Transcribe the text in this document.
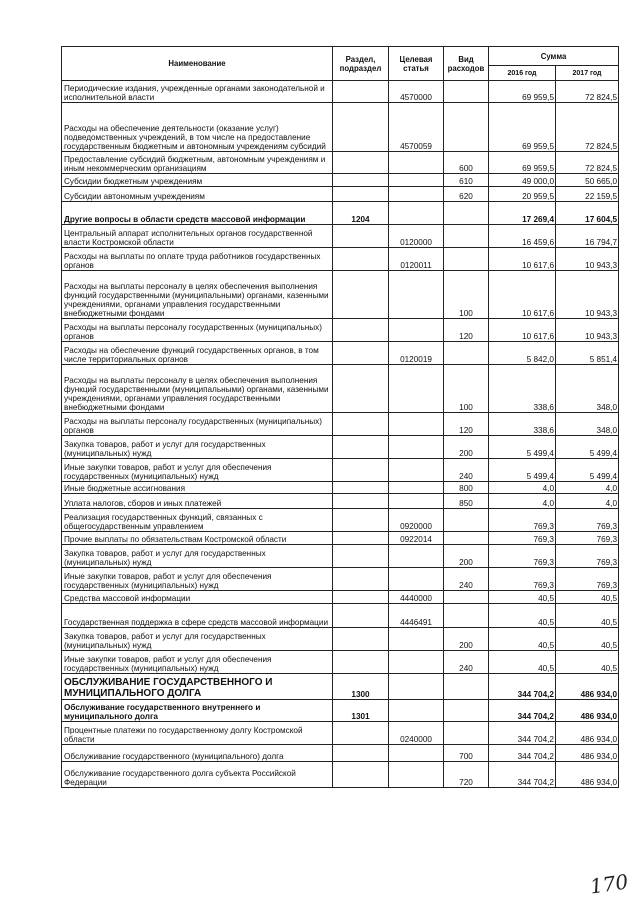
Наименование	Раздел, подраздел	Целевая статья	Вид расходов	Сумма	
				2016 год	2017 год
Периодические издания, учрежденные органами законодательной и исполнительной власти		4570000		69 959,5	72 824,5
Расходы на обеспечение деятельности (оказание услуг) подведомственных учреждений, в том числе на предоставление государственным бюджетным и автономным учреждениям субсидий		4570059		69 959,5	72 824,5
Предоставление субсидий бюджетным, автономным учреждениям и иным некоммерческим организациям			600	69 959,5	72 824,5
Субсидии бюджетным учреждениям			610	49 000,0	50 665,0
Субсидии автономным учреждениям			620	20 959,5	22 159,5
Другие вопросы в области средств массовой информации	1204			17 269,4	17 604,5
Центральный аппарат исполнительных органов государственной власти Костромской области		0120000		16 459,6	16 794,7
Расходы на выплаты по оплате труда работников государственных органов		0120011		10 617,6	10 943,3
Расходы на выплаты персоналу в целях обеспечения выполнения функций государственными (муниципальными) органами, казенными учреждениями, органами управления государственными внебюджетными фондами			100	10 617,6	10 943,3
Расходы на выплаты персоналу государственных (муниципальных) органов			120	10 617,6	10 943,3
Расходы на обеспечение функций государственных органов, в том числе территориальных органов		0120019		5 842,0	5 851,4
Расходы на выплаты персоналу в целях обеспечения выполнения функций государственными (муниципальными) органами, казенными учреждениями, органами управления государственными внебюджетными фондами			100	338,6	348,0
Расходы на выплаты персоналу государственных (муниципальных) органов			120	338,6	348,0
Закупка товаров, работ и услуг для государственных (муниципальных) нужд			200	5 499,4	5 499,4
Иные закупки товаров, работ и услуг для обеспечения государственных (муниципальных) нужд			240	5 499,4	5 499,4
Иные бюджетные ассигнования			800	4,0	4,0
Уплата налогов, сборов и иных платежей			850	4,0	4,0
Реализация государственных функций, связанных с общегосударственным управлением		0920000		769,3	769,3
Прочие выплаты по обязательствам Костромской области		0922014		769,3	769,3
Закупка товаров, работ и услуг для государственных (муниципальных) нужд			200	769,3	769,3
Иные закупки товаров, работ и услуг для обеспечения государственных (муниципальных) нужд			240	769,3	769,3
Средства массовой информации		4440000		40,5	40,5
Государственная поддержка в сфере средств массовой информации		4446491		40,5	40,5
Закупка товаров, работ и услуг для государственных (муниципальных) нужд			200	40,5	40,5
Иные закупки товаров, работ и услуг для обеспечения государственных (муниципальных) нужд			240	40,5	40,5
ОБСЛУЖИВАНИЕ ГОСУДАРСТВЕННОГО И МУНИЦИПАЛЬНОГО ДОЛГА	1300			344 704,2	486 934,0
Обслуживание государственного внутреннего и муниципального долга	1301			344 704,2	486 934,0
Процентные платежи по государственному долгу Костромской области		0240000		344 704,2	486 934,0
Обслуживание государственного (муниципального) долга			700	344 704,2	486 934,0
Обслуживание государственного долга субъекта Российской Федерации			720	344 704,2	486 934,0
170
